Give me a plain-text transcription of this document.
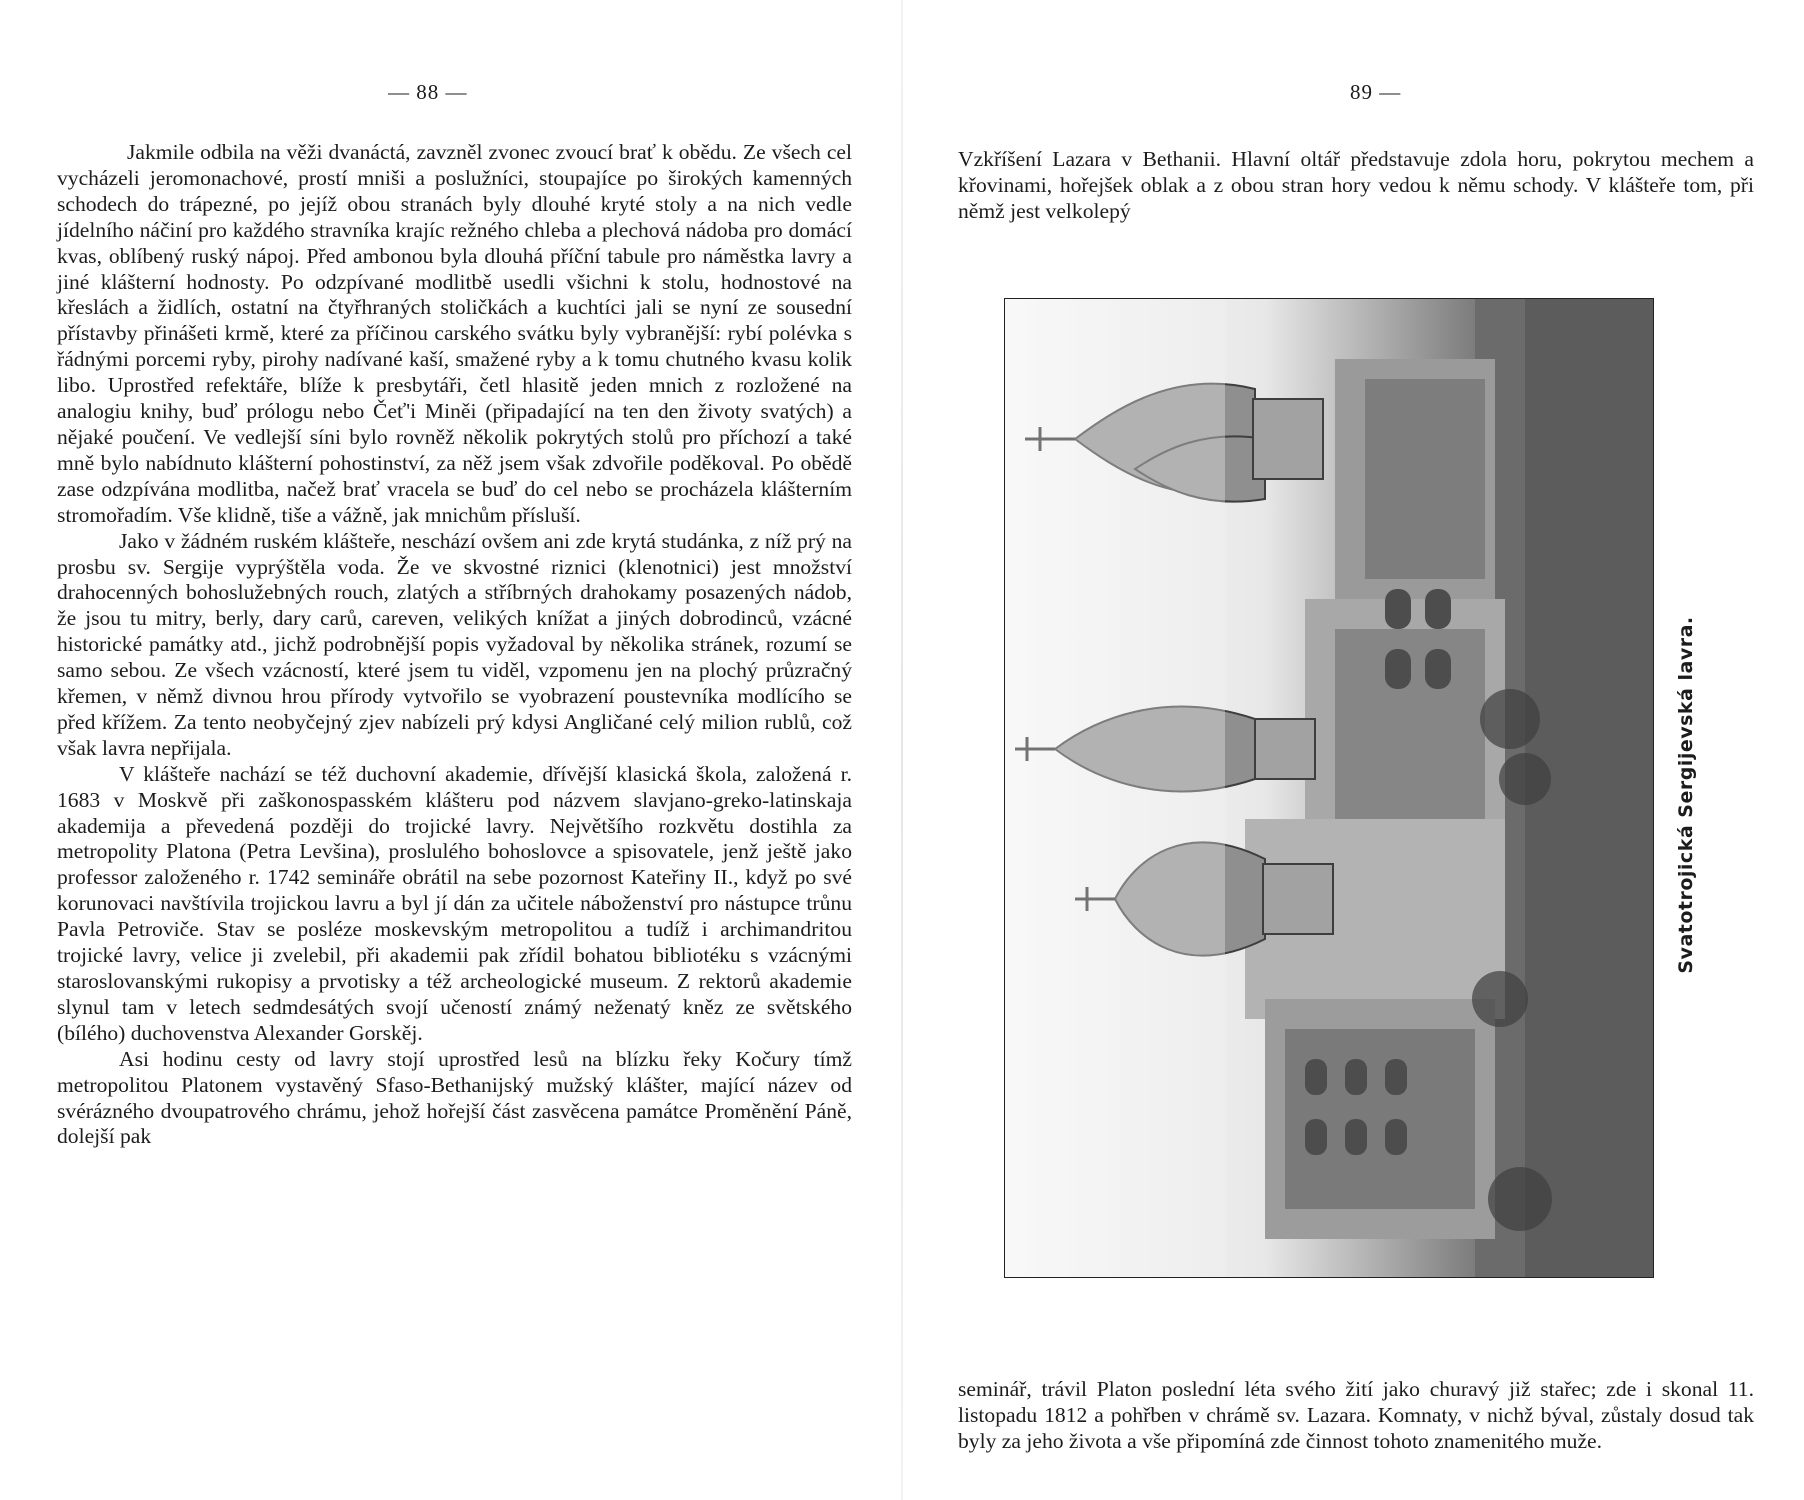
— 88 —

Jakmile odbila na věži dvanáctá, zavzněl zvonec zvoucí brať k obědu. Ze všech cel vycházeli jeromonachové, prostí mniši a poslužníci, stoupajíce po širokých kamenných schodech do trápezné, po jejíž obou stranách byly dlouhé kryté stoly a na nich vedle jídelního náčiní pro každého stravníka krajíc režného chleba a plechová nádoba pro domácí kvas, oblíbený ruský nápoj. Před ambonou byla dlouhá příční tabule pro náměstka lavry a jiné klášterní hodnosty. Po odzpívané modlitbě usedli všichni k stolu, hodnostové na křeslách a židlích, ostatní na čtyřhraných stoličkách a kuchtíci jali se nyní ze sousední přístavby přinášeti krmě, které za příčinou carského svátku byly vybranější: rybí polévka s řádnými porcemi ryby, pirohy nadívané kaší, smažené ryby a k tomu chutného kvasu kolik libo. Uprostřed refektáře, blíže k presbytáři, četl hlasitě jeden mnich z rozložené na analogiu knihy, buď prólogu nebo Čeť'i Miněi (připadající na ten den životy svatých) a nějaké poučení. Ve vedlejší síni bylo rovněž několik pokrytých stolů pro příchozí a také mně bylo nabídnuto klášterní pohostinství, za něž jsem však zdvořile poděkoval. Po obědě zase odzpívána modlitba, načež brať vracela se buď do cel nebo se procházela klášterním stromořadím. Vše klidně, tiše a vážně, jak mnichům přísluší.

Jako v žádném ruském klášteře, neschází ovšem ani zde krytá studánka, z níž prý na prosbu sv. Sergije vyprýštěla voda. Že ve skvostné riznici (klenotnici) jest množství drahocenných bohoslužebných rouch, zlatých a stříbrných drahokamy posazených nádob, že jsou tu mitry, berly, dary carů, careven, velikých knížat a jiných dobrodinců, vzácné historické památky atd., jichž podrobnější popis vyžadoval by několika stránek, rozumí se samo sebou. Ze všech vzácností, které jsem tu viděl, vzpomenu jen na plochý průzračný křemen, v němž divnou hrou přírody vytvořilo se vyobrazení poustevníka modlícího se před křížem. Za tento neobyčejný zjev nabízeli prý kdysi Angličané celý milion rublů, což však lavra nepřijala.

V klášteře nachází se též duchovní akademie, dřívější klasická škola, založená r. 1683 v Moskvě při zaškonospasském klášteru pod názvem slavjano-greko-latinskaja akademija a převedená později do trojické lavry. Největšího rozkvětu dostihla za metropolity Platona (Petra Levšina), proslulého bohoslovce a spisovatele, jenž ještě jako professor založeného r. 1742 semináře obrátil na sebe pozornost Kateřiny II., když po své korunovaci navštívila trojickou lavru a byl jí dán za učitele náboženství pro nástupce trůnu Pavla Petroviče. Stav se posléze moskevským metropolitou a tudíž i archimandritou trojické lavry, velice ji zvelebil, při akademii pak zřídil bohatou bibliotéku s vzácnými staroslovanskými rukopisy a prvotisky a též archeologické museum. Z rektorů akademie slynul tam v letech sedmdesátých svojí učeností známý neženatý kněz ze světského (bílého) duchovenstva Alexander Gorskěj.

Asi hodinu cesty od lavry stojí uprostřed lesů na blízku řeky Kočury tímž metropolitou Platonem vystavěný Sfaso-Bethanijský mužský klášter, mající název od svérázného dvoupatrového chrámu, jehož hořejší část zasvěcena památce Proměnění Páně, dolejší pak

89 —

Vzkříšení Lazara v Bethanii. Hlavní oltář představuje zdola horu, pokrytou mechem a křovinami, hořejšek oblak a z obou stran hory vedou k němu schody. V klášteře tom, při němž jest velkolepý

Svatotrojická Sergijevská lavra.

seminář, trávil Platon poslední léta svého žití jako churavý již stařec; zde i skonal 11. listopadu 1812 a pohřben v chrámě sv. Lazara. Komnaty, v nichž býval, zůstaly dosud tak byly za jeho života a vše připomíná zde činnost tohoto znamenitého muže.
